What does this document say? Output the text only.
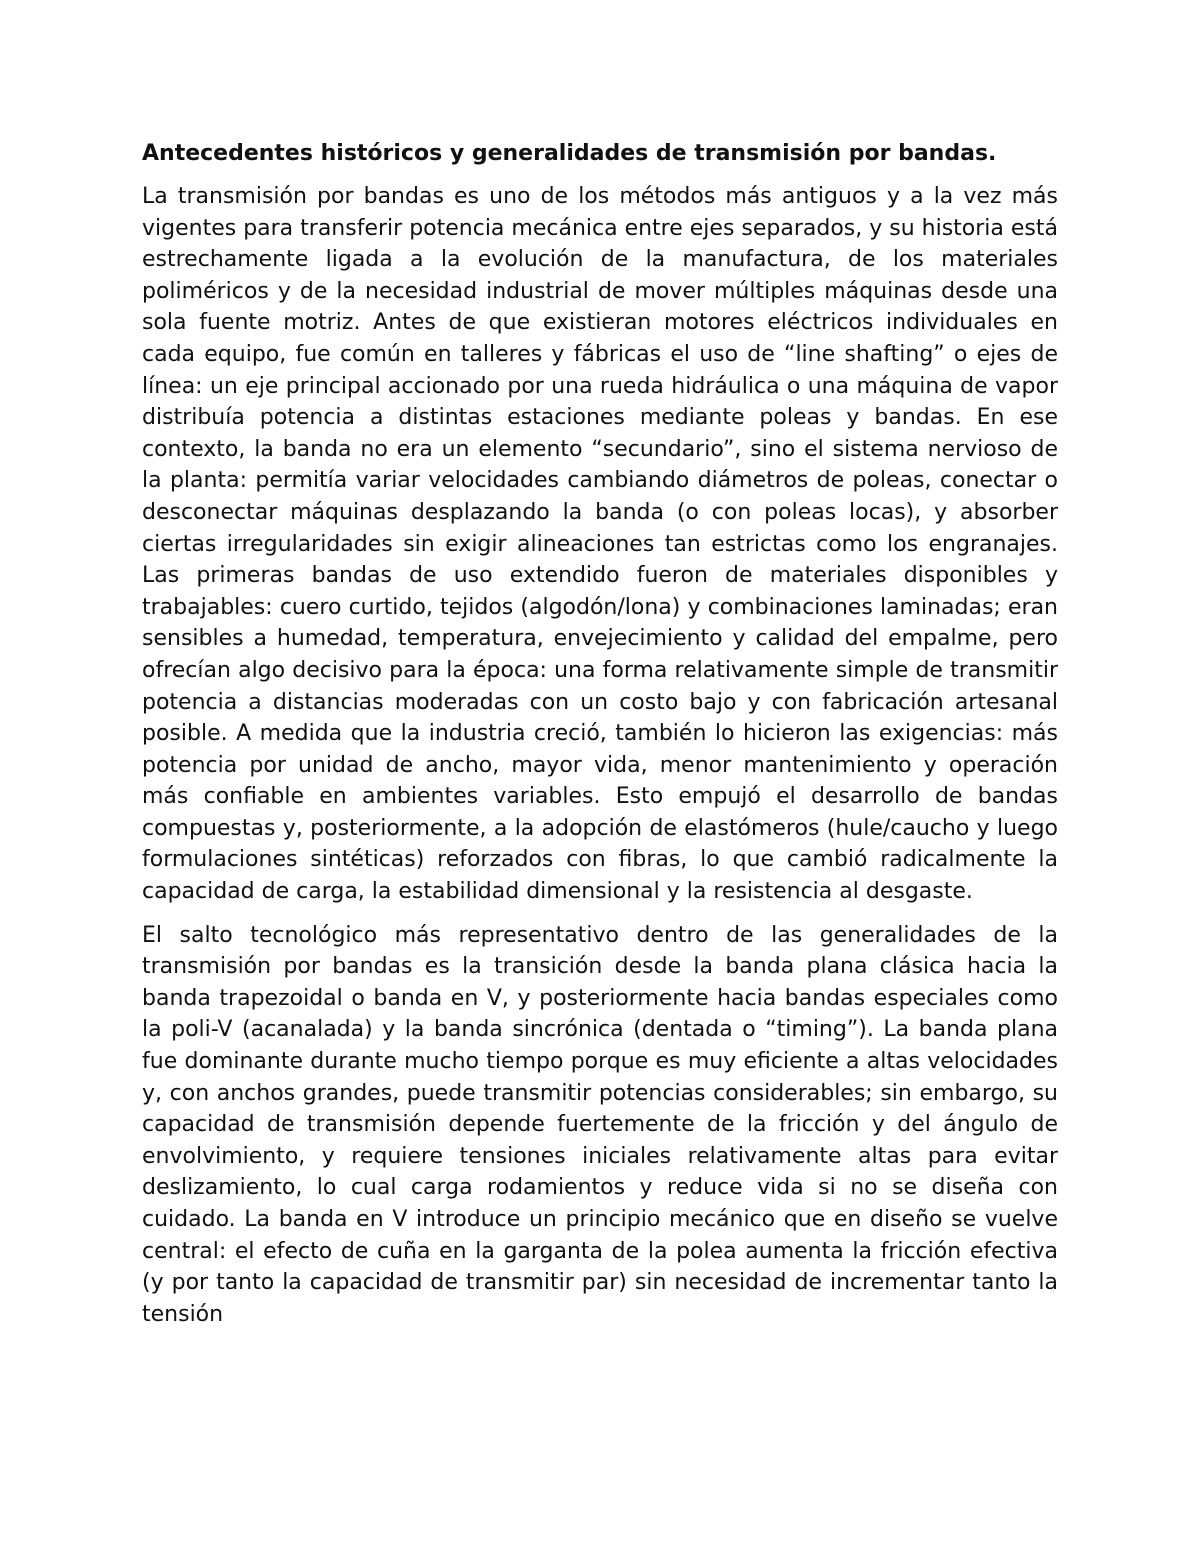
Antecedentes históricos y generalidades de transmisión por bandas.

La transmisión por bandas es uno de los métodos más antiguos y a la vez más vigentes para transferir potencia mecánica entre ejes separados, y su historia está estrechamente ligada a la evolución de la manufactura, de los materiales poliméricos y de la necesidad industrial de mover múltiples máquinas desde una sola fuente motriz. Antes de que existieran motores eléctricos individuales en cada equipo, fue común en talleres y fábricas el uso de “line shafting” o ejes de línea: un eje principal accionado por una rueda hidráulica o una máquina de vapor distribuía potencia a distintas estaciones mediante poleas y bandas. En ese contexto, la banda no era un elemento “secundario”, sino el sistema nervioso de la planta: permitía variar velocidades cambiando diámetros de poleas, conectar o desconectar máquinas desplazando la banda (o con poleas locas), y absorber ciertas irregularidades sin exigir alineaciones tan estrictas como los engranajes. Las primeras bandas de uso extendido fueron de materiales disponibles y trabajables: cuero curtido, tejidos (algodón/lona) y combinaciones laminadas; eran sensibles a humedad, temperatura, envejecimiento y calidad del empalme, pero ofrecían algo decisivo para la época: una forma relativamente simple de transmitir potencia a distancias moderadas con un costo bajo y con fabricación artesanal posible. A medida que la industria creció, también lo hicieron las exigencias: más potencia por unidad de ancho, mayor vida, menor mantenimiento y operación más confiable en ambientes variables. Esto empujó el desarrollo de bandas compuestas y, posteriormente, a la adopción de elastómeros (hule/caucho y luego formulaciones sintéticas) reforzados con fibras, lo que cambió radicalmente la capacidad de carga, la estabilidad dimensional y la resistencia al desgaste.

El salto tecnológico más representativo dentro de las generalidades de la transmisión por bandas es la transición desde la banda plana clásica hacia la banda trapezoidal o banda en V, y posteriormente hacia bandas especiales como la poli-V (acanalada) y la banda sincrónica (dentada o “timing”). La banda plana fue dominante durante mucho tiempo porque es muy eficiente a altas velocidades y, con anchos grandes, puede transmitir potencias considerables; sin embargo, su capacidad de transmisión depende fuertemente de la fricción y del ángulo de envolvimiento, y requiere tensiones iniciales relativamente altas para evitar deslizamiento, lo cual carga rodamientos y reduce vida si no se diseña con cuidado. La banda en V introduce un principio mecánico que en diseño se vuelve central: el efecto de cuña en la garganta de la polea aumenta la fricción efectiva (y por tanto la capacidad de transmitir par) sin necesidad de incrementar tanto la tensión
